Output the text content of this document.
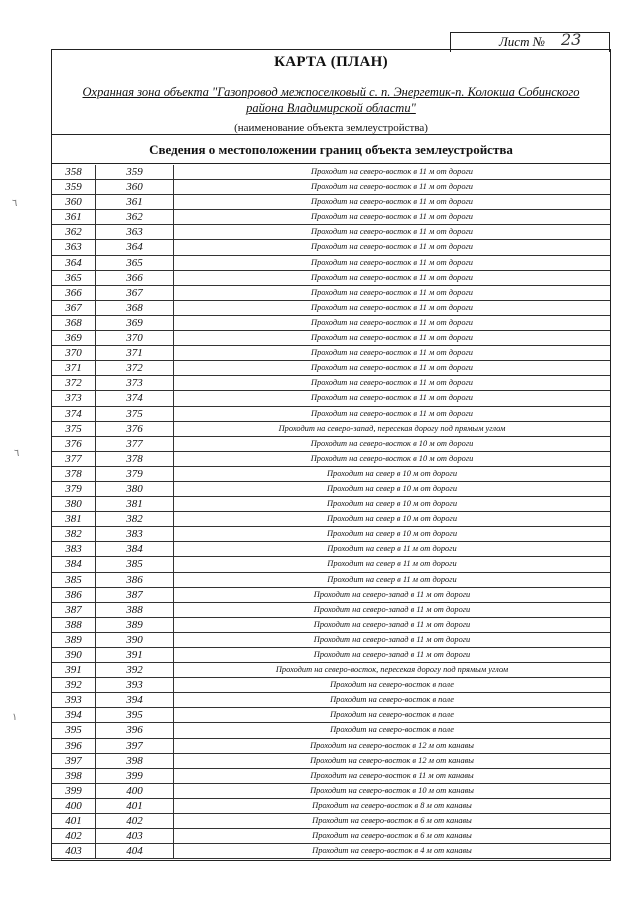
Лист № 23
٦
٦
١
КАРТА (ПЛАН)
Охранная зона объекта "Газопровод межпоселковый с. п. Энергетик-п. Колокша Собинского района Владимирской области"
(наименование объекта землеустройства)
Сведения о местоположении границ объекта землеустройства
358	359	Проходит на северо-восток в 11 м от дороги
359	360	Проходит на северо-восток в 11 м от дороги
360	361	Проходит на северо-восток в 11 м от дороги
361	362	Проходит на северо-восток в 11 м от дороги
362	363	Проходит на северо-восток в 11 м от дороги
363	364	Проходит на северо-восток в 11 м от дороги
364	365	Проходит на северо-восток в 11 м от дороги
365	366	Проходит на северо-восток в 11 м от дороги
366	367	Проходит на северо-восток в 11 м от дороги
367	368	Проходит на северо-восток в 11 м от дороги
368	369	Проходит на северо-восток в 11 м от дороги
369	370	Проходит на северо-восток в 11 м от дороги
370	371	Проходит на северо-восток в 11 м от дороги
371	372	Проходит на северо-восток в 11 м от дороги
372	373	Проходит на северо-восток в 11 м от дороги
373	374	Проходит на северо-восток в 11 м от дороги
374	375	Проходит на северо-восток в 11 м от дороги
375	376	Проходит на северо-запад, пересекая дорогу под прямым углом
376	377	Проходит на северо-восток в 10 м от дороги
377	378	Проходит на северо-восток в 10 м от дороги
378	379	Проходит на север в 10 м от дороги
379	380	Проходит на север в 10 м от дороги
380	381	Проходит на север в 10 м от дороги
381	382	Проходит на север в 10 м от дороги
382	383	Проходит на север в 10 м от дороги
383	384	Проходит на север в 11 м от дороги
384	385	Проходит на север в 11 м от дороги
385	386	Проходит на север в 11 м от дороги
386	387	Проходит на северо-запад в 11 м от дороги
387	388	Проходит на северо-запад в 11 м от дороги
388	389	Проходит на северо-запад в 11 м от дороги
389	390	Проходит на северо-запад в 11 м от дороги
390	391	Проходит на северо-запад в 11 м от дороги
391	392	Проходит на северо-восток, пересекая дорогу под прямым углом
392	393	Проходит на северо-восток в поле
393	394	Проходит на северо-восток в поле
394	395	Проходит на северо-восток в поле
395	396	Проходит на северо-восток в поле
396	397	Проходит на северо-восток в 12 м от канавы
397	398	Проходит на северо-восток в 12 м от канавы
398	399	Проходит на северо-восток в 11 м от канавы
399	400	Проходит на северо-восток в 10 м от канавы
400	401	Проходит на северо-восток в 8 м от канавы
401	402	Проходит на северо-восток в 6 м от канавы
402	403	Проходит на северо-восток в 6 м от канавы
403	404	Проходит на северо-восток в 4 м от канавы
